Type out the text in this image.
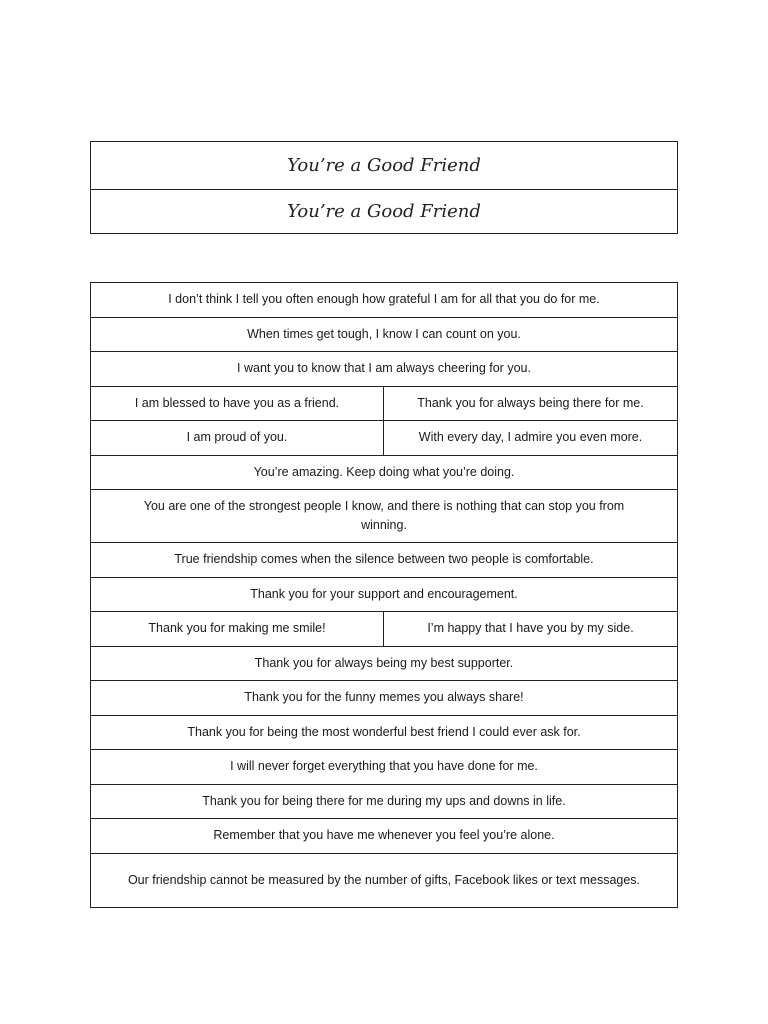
You’re a Good Friend
You’re a Good Friend
I don’t think I tell you often enough how grateful I am for all that you do for me.
When times get tough, I know I can count on you.
I want you to know that I am always cheering for you.
I am blessed to have you as a friend.	Thank you for always being there for me.
I am proud of you.	With every day, I admire you even more.
You’re amazing. Keep doing what you’re doing.
You are one of the strongest people I know, and there is nothing that can stop you from winning.
True friendship comes when the silence between two people is comfortable.
Thank you for your support and encouragement.
Thank you for making me smile!	I’m happy that I have you by my side.
Thank you for always being my best supporter.
Thank you for the funny memes you always share!
Thank you for being the most wonderful best friend I could ever ask for.
I will never forget everything that you have done for me.
Thank you for being there for me during my ups and downs in life.
Remember that you have me whenever you feel you’re alone.
Our friendship cannot be measured by the number of gifts, Facebook likes or text messages.
